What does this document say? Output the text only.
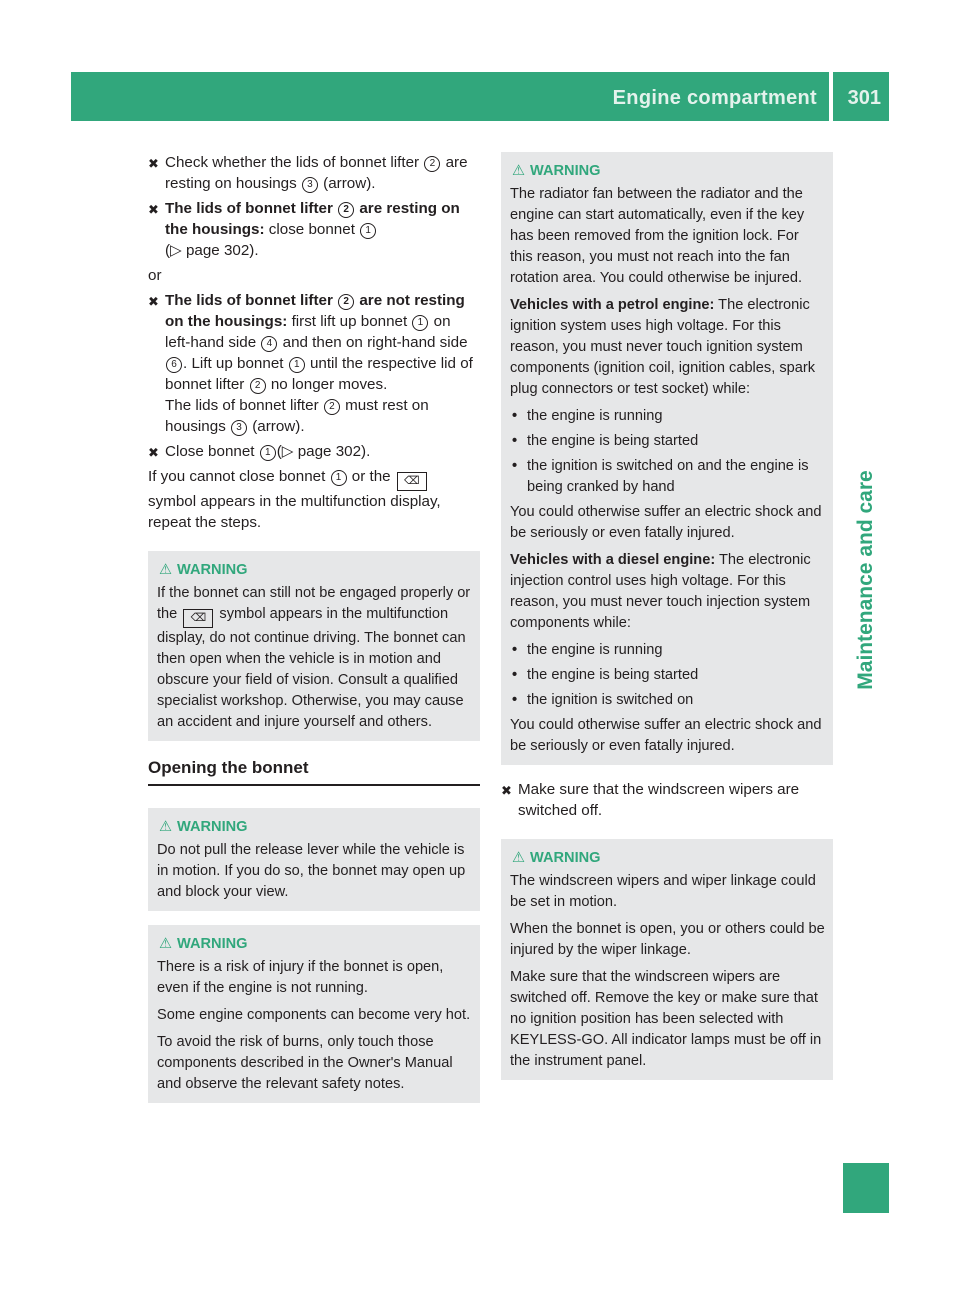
Engine compartment 301
Maintenance and care
✖ Check whether the lids of bonnet lifter 2 are resting on housings 3 (arrow).
✖ The lids of bonnet lifter 2 are resting on the housings: close bonnet 1
(▷ page 302).
or
✖ The lids of bonnet lifter 2 are not resting on the housings: first lift up bonnet 1 on left-hand side 4 and then on right-hand side 6 . Lift up bonnet 1 until the respective lid of bonnet lifter 2 no longer moves.
The lids of bonnet lifter 2 must rest on housings 3 (arrow).
✖ Close bonnet 1 (▷ page 302).
If you cannot close bonnet 1 or the ⌫ symbol appears in the multifunction display, repeat the steps.
⚠ WARNING

If the bonnet can still not be engaged properly or the ⌫ symbol appears in the multifunction display, do not continue driving. The bonnet can then open when the vehicle is in motion and obscure your field of vision. Consult a qualified specialist workshop. Otherwise, you may cause an accident and injure yourself and others.

Opening the bonnet
⚠ WARNING

Do not pull the release lever while the vehicle is in motion. If you do so, the bonnet may open up and block your view.

⚠ WARNING

There is a risk of injury if the bonnet is open, even if the engine is not running.

Some engine components can become very hot.

To avoid the risk of burns, only touch those components described in the Owner's Manual and observe the relevant safety notes.

⚠ WARNING

The radiator fan between the radiator and the engine can start automatically, even if the key has been removed from the ignition lock. For this reason, you must not reach into the fan rotation area. You could otherwise be injured.

Vehicles with a petrol engine: The electronic ignition system uses high voltage. For this reason, you must never touch ignition system components (ignition coil, ignition cables, spark plug connectors or test socket) while:

• the engine is running
• the engine is being started
• the ignition is switched on and the engine is being cranked by hand

You could otherwise suffer an electric shock and be seriously or even fatally injured.

Vehicles with a diesel engine: The electronic injection control uses high voltage. For this reason, you must never touch injection system components while:

• the engine is running
• the engine is being started
• the ignition is switched on

You could otherwise suffer an electric shock and be seriously or even fatally injured.

✖ Make sure that the windscreen wipers are switched off.
⚠ WARNING

The windscreen wipers and wiper linkage could be set in motion.

When the bonnet is open, you or others could be injured by the wiper linkage.

Make sure that the windscreen wipers are switched off. Remove the key or make sure that no ignition position has been selected with KEYLESS-GO. All indicator lamps must be off in the instrument panel.
